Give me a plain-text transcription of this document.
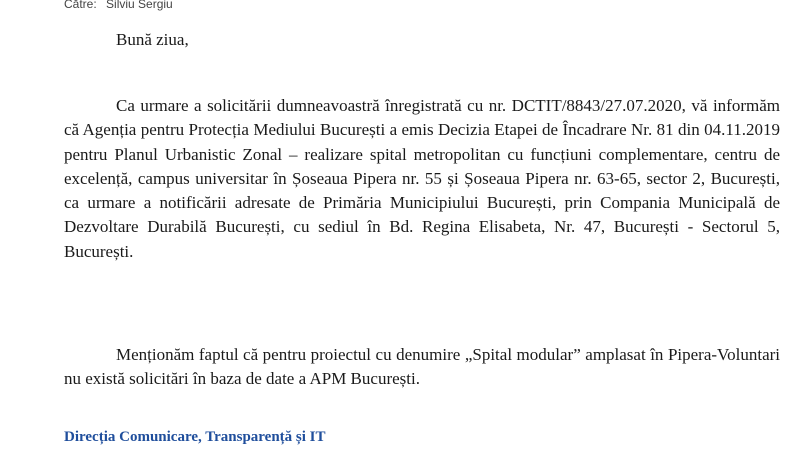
Către: Silviu Sergiu

Bună ziua,

Ca urmare a solicitării dumneavoastră înregistrată cu nr. DCTIT/8843/27.07.2020, vă informăm că Agenția pentru Protecția Mediului București a emis Decizia Etapei de Încadrare Nr. 81 din 04.11.2019 pentru Planul Urbanistic Zonal – realizare spital metropolitan cu funcțiuni complementare, centru de excelență, campus universitar în Șoseaua Pipera nr. 55 și Șoseaua Pipera nr. 63-65, sector 2, București, ca urmare a notificării adresate de Primăria Municipiului București, prin Compania Municipală de Dezvoltare Durabilă București, cu sediul în Bd. Regina Elisabeta, Nr. 47, București - Sectorul 5, București.

Menționăm faptul că pentru proiectul cu denumire „Spital modular” amplasat în Pipera-Voluntari nu există solicitări în baza de date a APM București.

Direcția Comunicare, Transparență și IT
